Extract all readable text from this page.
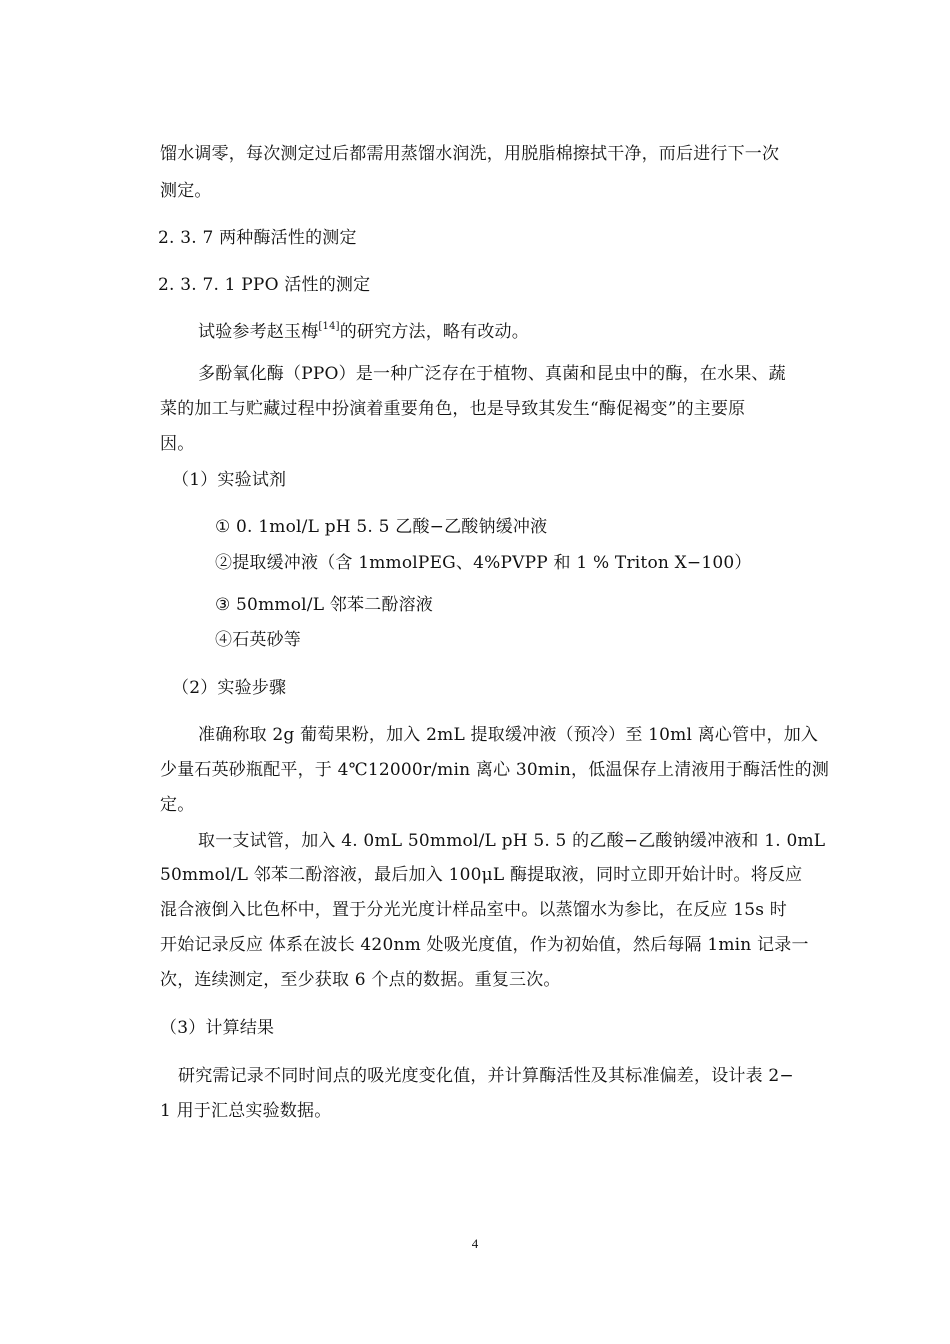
馏水调零，每次测定过后都需用蒸馏水润洗，用脱脂棉擦拭干净，而后进行下一次
测定。
2. 3. 7 两种酶活性的测定
2. 3. 7. 1 PPO 活性的测定
试验参考赵玉梅[14]的研究方法，略有改动。
多酚氧化酶（PPO）是一种广泛存在于植物、真菌和昆虫中的酶，在水果、蔬
菜的加工与贮藏过程中扮演着重要角色，也是导致其发生“酶促褐变”的主要原
因。
（1）实验试剂
① 0. 1mol/L pH 5. 5 乙酸−乙酸钠缓冲液
②提取缓冲液（含 1mmolPEG、4%PVPP 和 1 % Triton X−100）
③ 50mmol/L 邻苯二酚溶液
④石英砂等
（2）实验步骤
准确称取 2g 葡萄果粉，加入 2mL 提取缓冲液（预冷）至 10ml 离心管中，加入
少量石英砂瓶配平，于 4℃12000r/min 离心 30min，低温保存上清液用于酶活性的测
定。
取一支试管，加入 4. 0mL 50mmol/L pH 5. 5 的乙酸−乙酸钠缓冲液和 1. 0mL
50mmol/L 邻苯二酚溶液，最后加入 100μL 酶提取液，同时立即开始计时。将反应
混合液倒入比色杯中，置于分光光度计样品室中。以蒸馏水为参比，在反应 15s 时
开始记录反应 体系在波长 420nm 处吸光度值，作为初始值，然后每隔 1min 记录一
次，连续测定，至少获取 6 个点的数据。重复三次。
（3）计算结果
研究需记录不同时间点的吸光度变化值，并计算酶活性及其标准偏差，设计表 2−
1 用于汇总实验数据。
4
